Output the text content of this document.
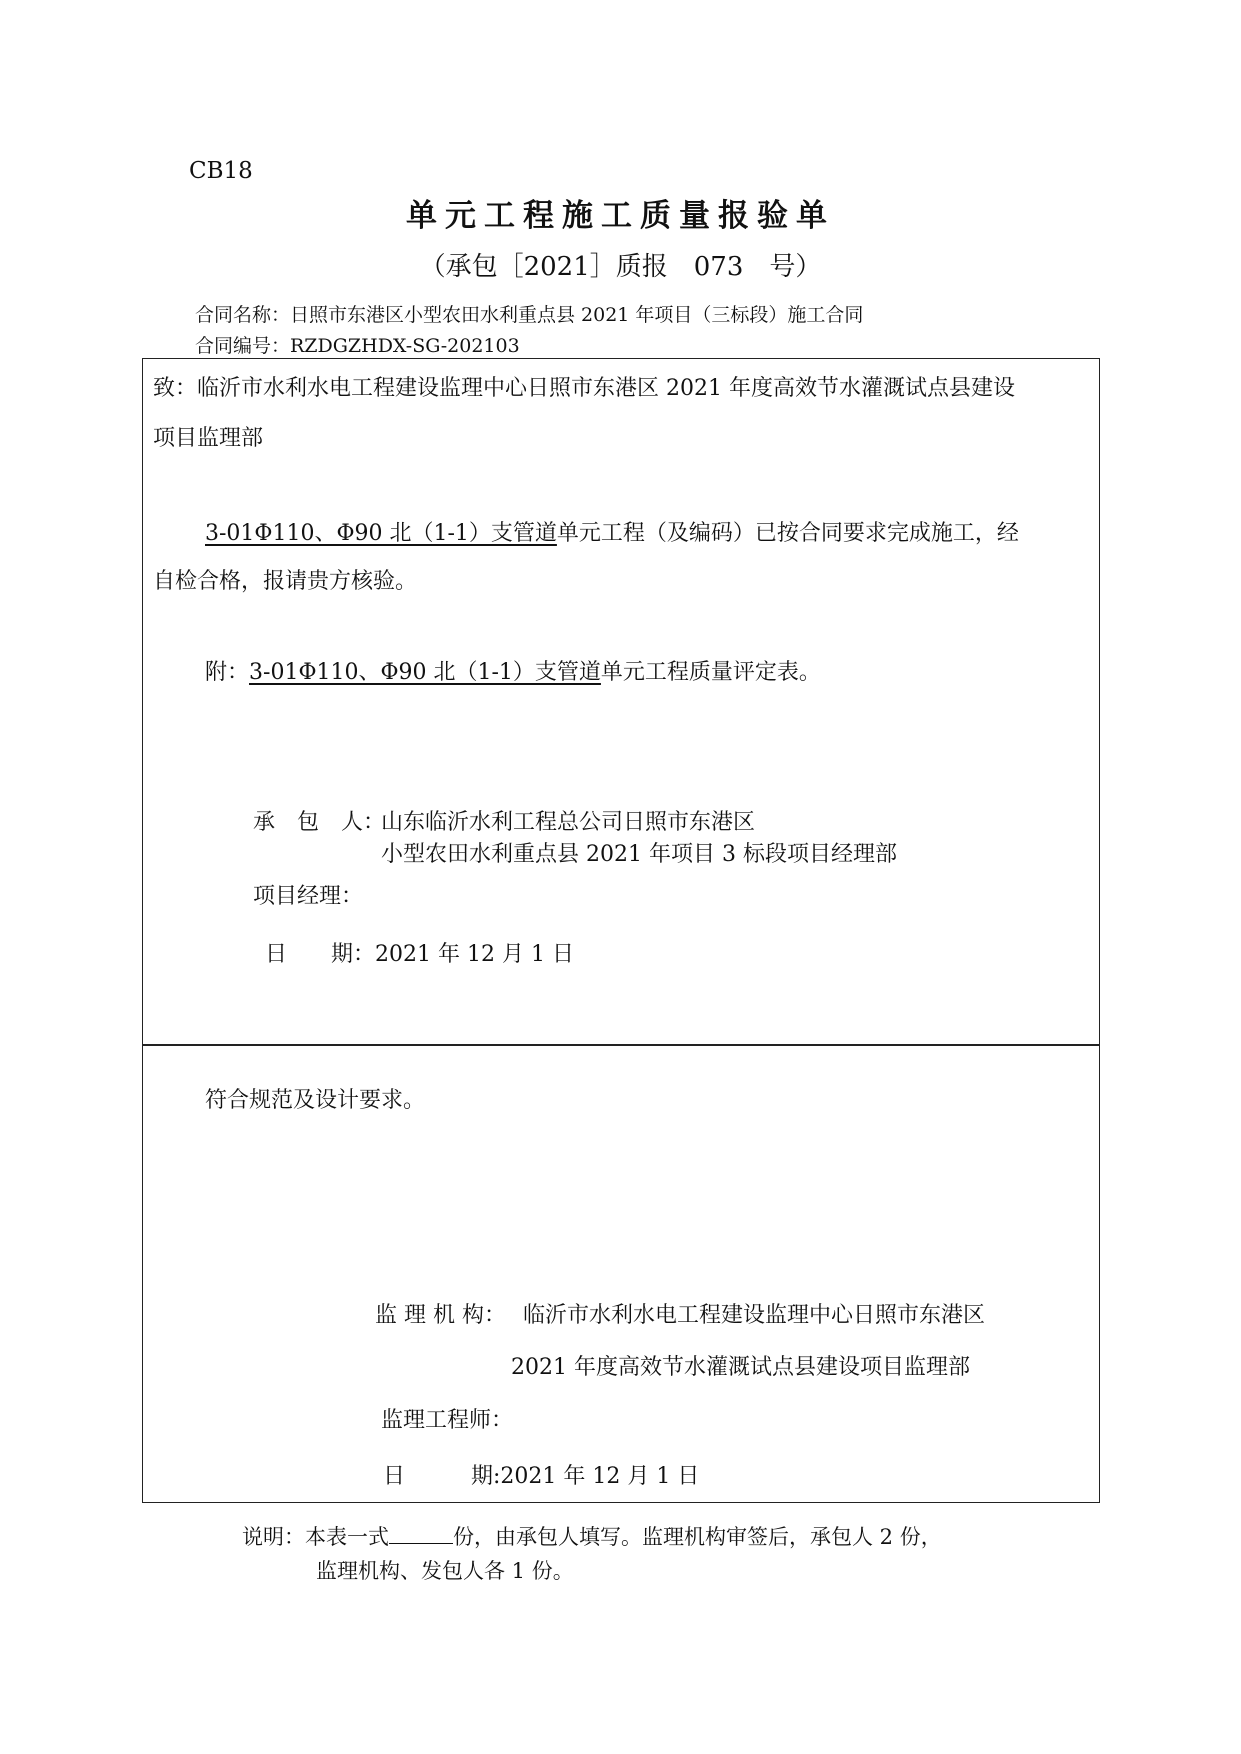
CB18
单元工程施工质量报验单
（承包［2021］质报　073　号）
合同名称：日照市东港区小型农田水利重点县 2021 年项目（三标段）施工合同
合同编号：RZDGZHDX-SG-202103
致：临沂市水利水电工程建设监理中心日照市东港区 2021 年度高效节水灌溉试点县建设
项目监理部
3-01Φ110、Φ90 北（1-1）支管道单元工程（及编码）已按合同要求完成施工，经
自检合格，报请贵方核验。
附：3-01Φ110、Φ90 北（1-1）支管道单元工程质量评定表。
承　包　人：
山东临沂水利工程总公司日照市东港区
小型农田水利重点县 2021 年项目 3 标段项目经理部
项目经理：
日　　期：2021 年 12 月 1 日
符合规范及设计要求。
监 理 机 构： 临沂市水利水电工程建设监理中心日照市东港区
2021 年度高效节水灌溉试点县建设项目监理部
监理工程师：
日　　　期:2021 年 12 月 1 日
说明：本表一式	份，由承包人填写。监理机构审签后，承包人 2 份，
监理机构、发包人各 1 份。
